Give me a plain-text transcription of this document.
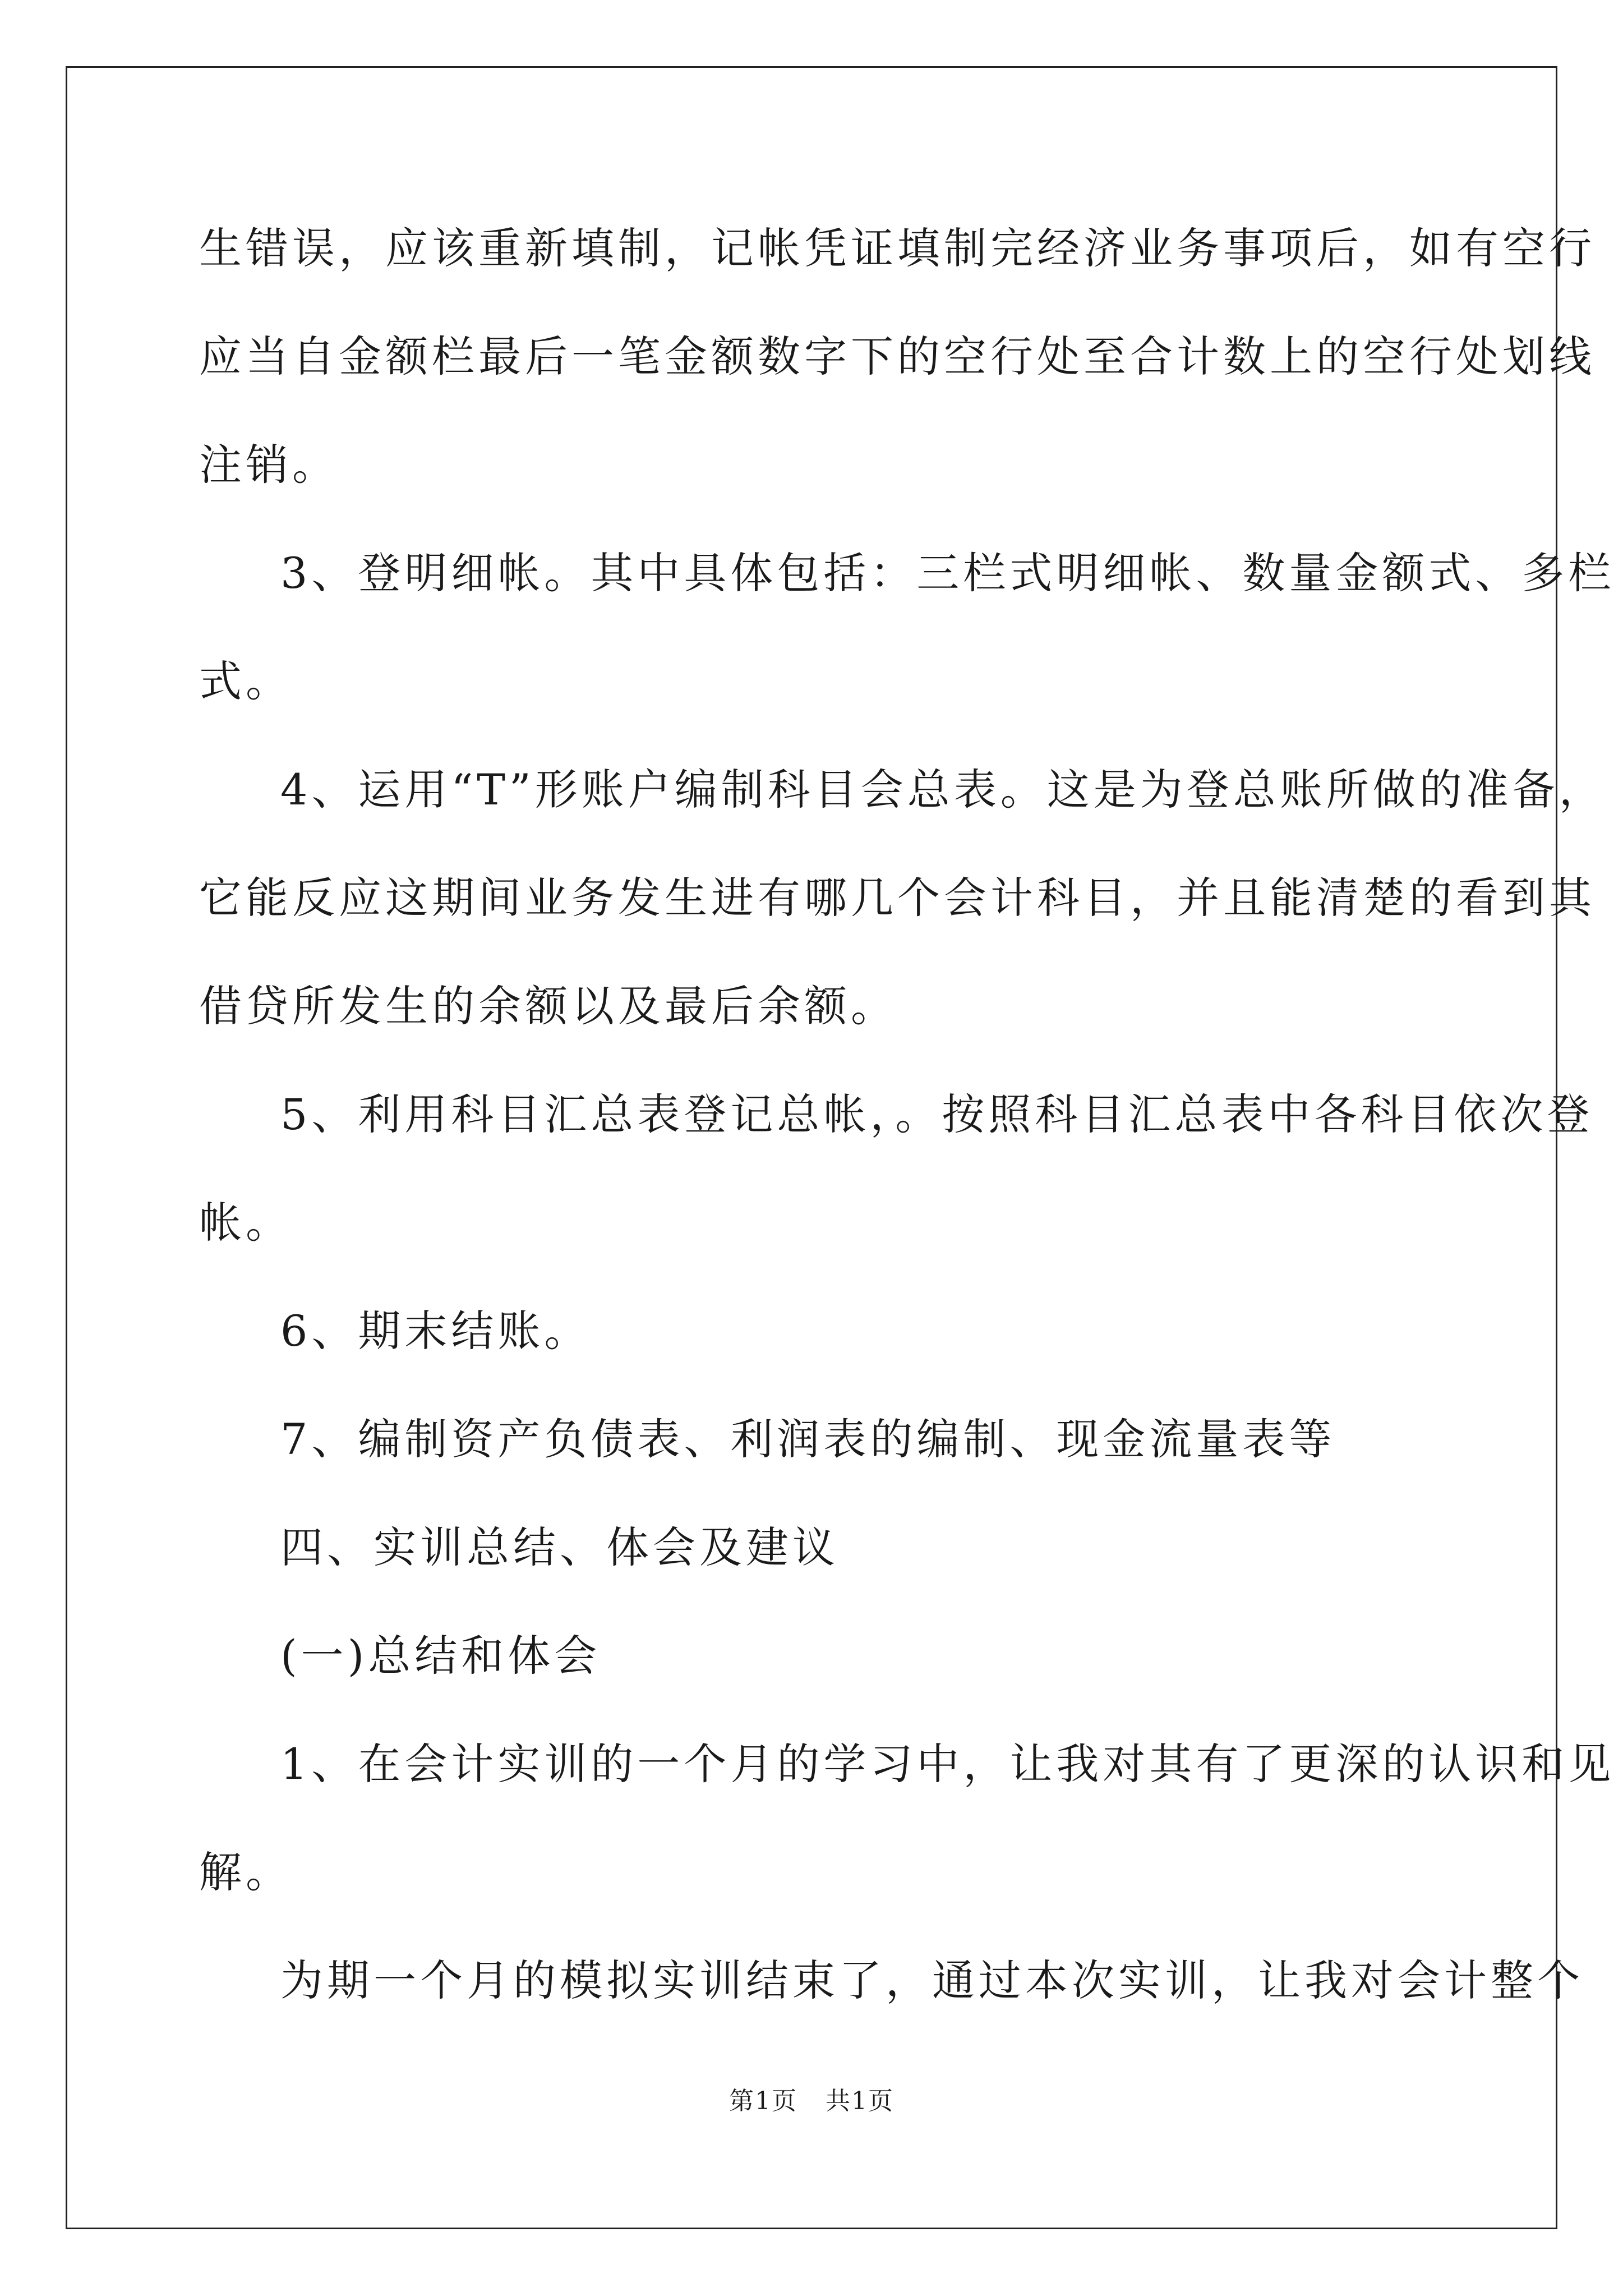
生错误，应该重新填制，记帐凭证填制完经济业务事项后，如有空行
应当自金额栏最后一笔金额数字下的空行处至合计数上的空行处划线
注销。
3、登明细帐。其中具体包括：三栏式明细帐、数量金额式、多栏
式。
4、运用“T”形账户编制科目会总表。这是为登总账所做的准备，
它能反应这期间业务发生进有哪几个会计科目，并且能清楚的看到其
借贷所发生的余额以及最后余额。
5、利用科目汇总表登记总帐，。按照科目汇总表中各科目依次登
帐。
6、期末结账。
7、编制资产负债表、利润表的编制、现金流量表等
四、实训总结、体会及建议
(一)总结和体会
1、在会计实训的一个月的学习中，让我对其有了更深的认识和见
解。
为期一个月的模拟实训结束了，通过本次实训，让我对会计整个
第1页 共1页
